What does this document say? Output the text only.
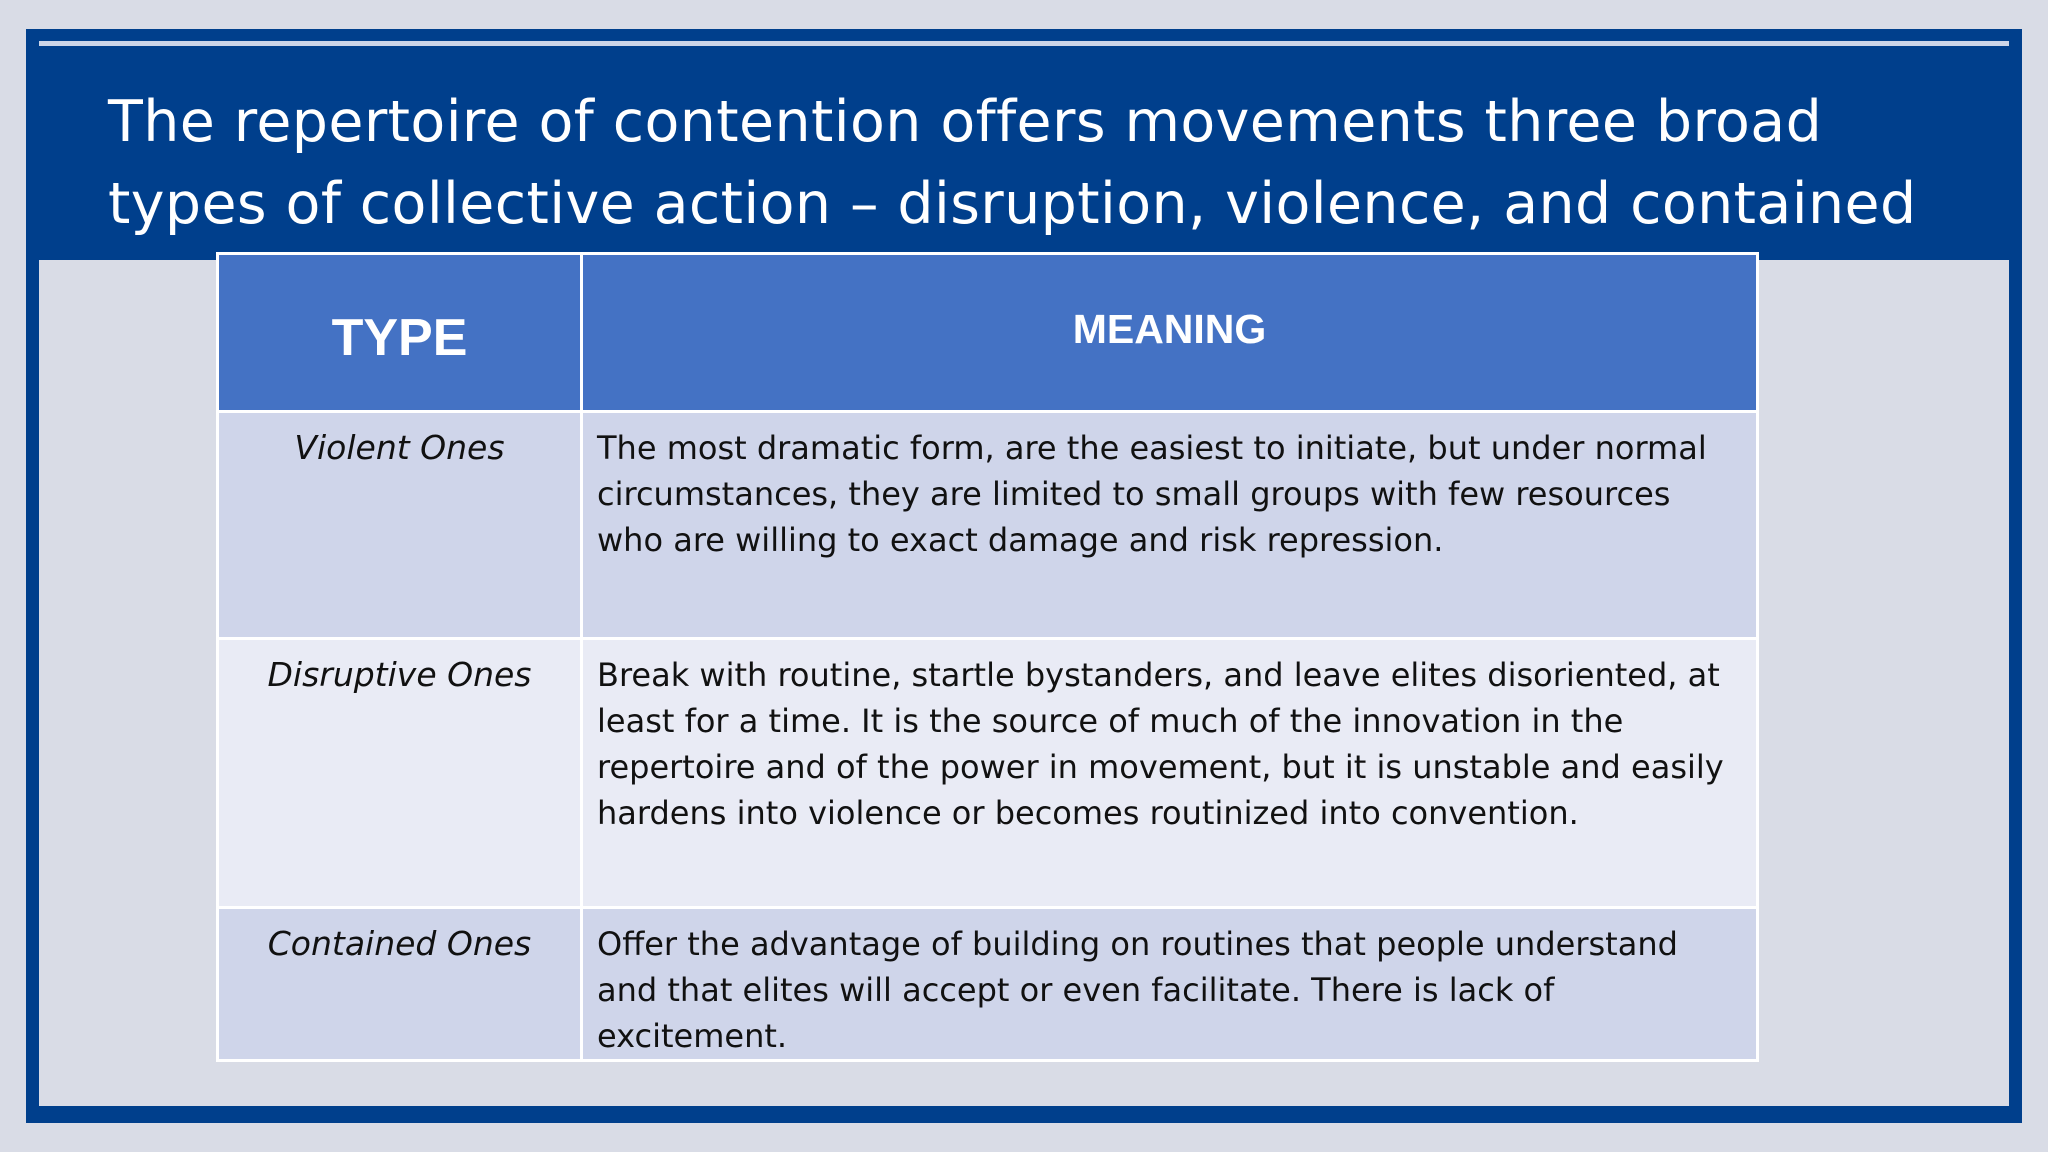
The repertoire of contention offers movements three broad types of collective action – disruption, violence, and contained
TYPE	MEANING
Violent Ones	The most dramatic form, are the easiest to initiate, but under normal circumstances, they are limited to small groups with few resources who are willing to exact damage and risk repression.
Disruptive Ones	Break with routine, startle bystanders, and leave elites disoriented, at least for a time. It is the source of much of the innovation in the repertoire and of the power in movement, but it is unstable and easily hardens into violence or becomes routinized into convention.
Contained Ones	Offer the advantage of building on routines that people understand and that elites will accept or even facilitate. There is lack of excitement.
